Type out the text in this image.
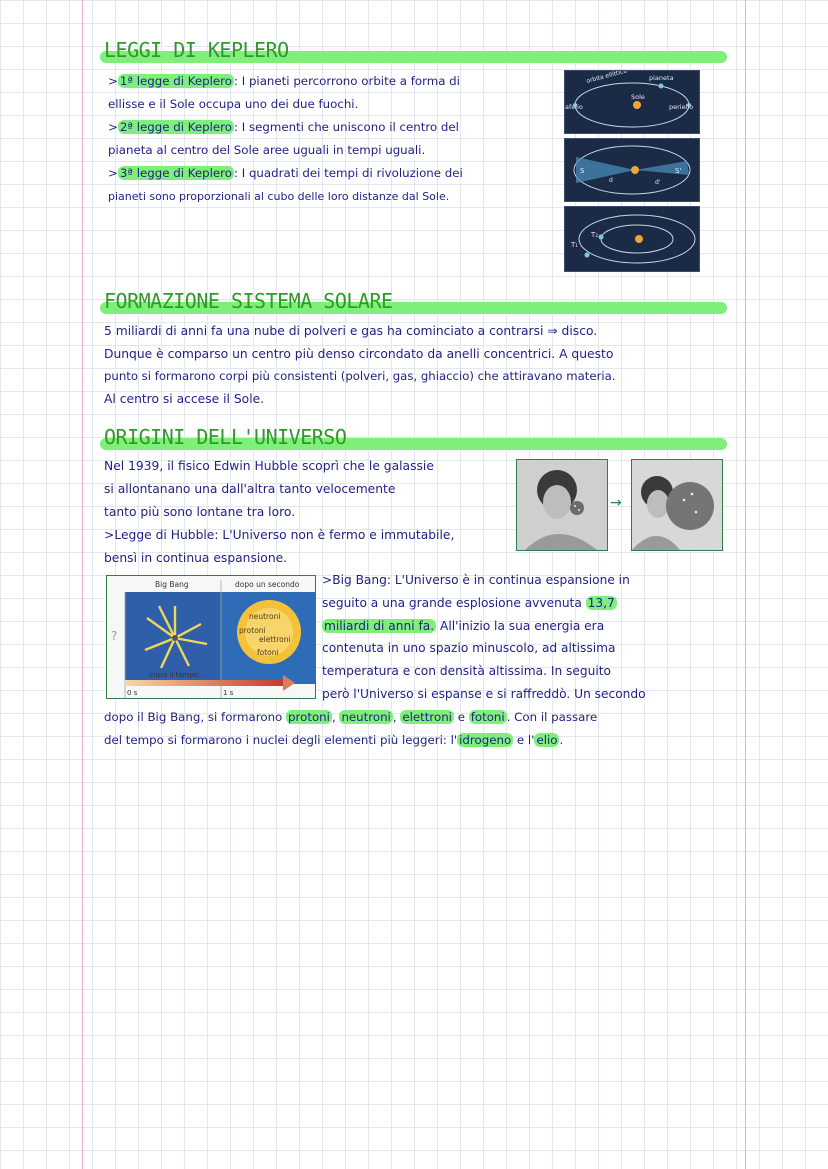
LEGGI DI KEPLERO
> 1ª legge di Keplero : I pianeti percorrono orbite a forma di
ellisse e il Sole occupa uno dei due fuochi.
> 2ª legge di Keplero : I segmenti che uniscono il centro del
pianeta al centro del Sole aree uguali in tempi uguali.
> 3ª legge di Keplero : I quadrati dei tempi di rivoluzione dei
pianeti sono proporzionali al cubo delle loro distanze dal Sole.
orbita ellittica	pianeta
Sole
afelio	perielio
S	S'
d	d'
T₁
T₂
FORMAZIONE SISTEMA SOLARE
5 miliardi di anni fa una nube di polveri e gas ha cominciato a contrarsi ⇒ disco.
Dunque è comparso un centro più denso circondato da anelli concentrici. A questo
punto si formarono corpi più consistenti (polveri, gas, ghiaccio) che attiravano materia.
Al centro si accese il Sole.
ORIGINI DELL'UNIVERSO
Nel 1939, il fisico Edwin Hubble scoprì che le galassie
si allontanano una dall'altra tanto velocemente
tanto più sono lontane tra loro.
>Legge di Hubble: L'Universo non è fermo e immutabile,
bensì in continua espansione.
→
Big Bang	dopo un secondo
?
neutroni
protoni
elettroni
fotoni
inizia il tempo...
0 s	1 s
>Big Bang: L'Universo è in continua espansione in
seguito a una grande esplosione avvenuta 13,7
miliardi di anni fa. All'inizio la sua energia era
contenuta in uno spazio minuscolo, ad altissima
temperatura e con densità altissima. In seguito
però l'Universo si espanse e si raffreddò. Un secondo
dopo il Big Bang, si formarono protoni , neutroni , elettroni e fotoni . Con il passare
del tempo si formarono i nuclei degli elementi più leggeri: l' idrogeno e l' elio .
